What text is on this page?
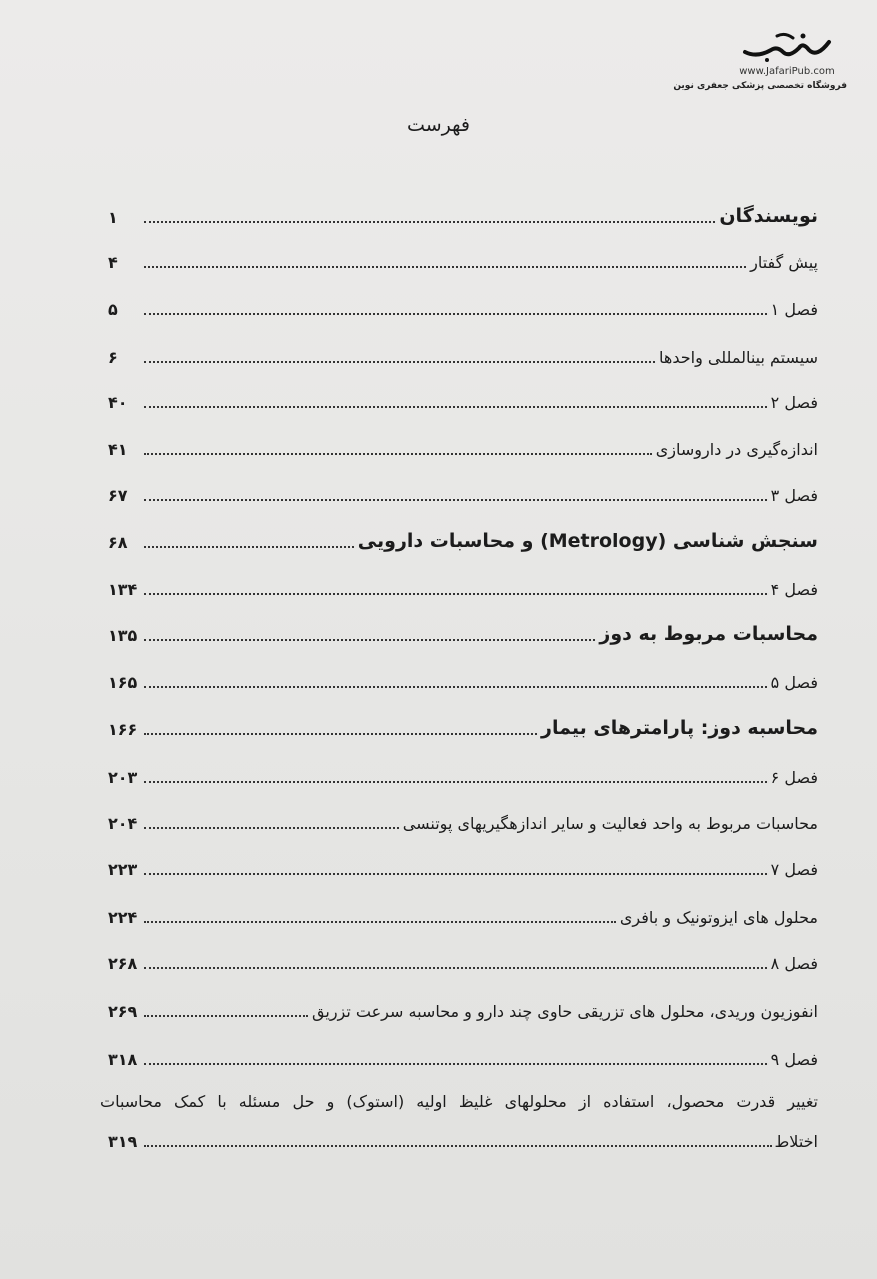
www.JafariPub.com
فروشگاه تخصصی پزشکی جعفری نوین
فهرست
نویسندگان
۱
پیش گفتار
۴
فصل ۱
۵
سیستم بینالمللی واحدها
۶
فصل ۲
۴۰
اندازه‌گیری در داروسازی
۴۱
فصل ۳
۶۷
سنجش شناسی (Metrology) و محاسبات دارویی
۶۸
فصل ۴
۱۳۴
محاسبات مربوط به دوز
۱۳۵
فصل ۵
۱۶۵
محاسبه دوز: پارامترهای بیمار
۱۶۶
فصل ۶
۲۰۳
محاسبات مربوط به واحد فعالیت و سایر اندازهگیریهای پوتنسی
۲۰۴
فصل ۷
۲۲۳
محلول های ایزوتونیک و بافری
۲۲۴
فصل ۸
۲۶۸
انفوزیون وریدی، محلول های تزریقی حاوی چند دارو و محاسبه سرعت تزریق
۲۶۹
فصل ۹
۳۱۸
تغییر قدرت محصول، استفاده از محلولهای غلیظ اولیه (استوک) و حل مسئله با کمک محاسبات
اختلاط
۳۱۹
